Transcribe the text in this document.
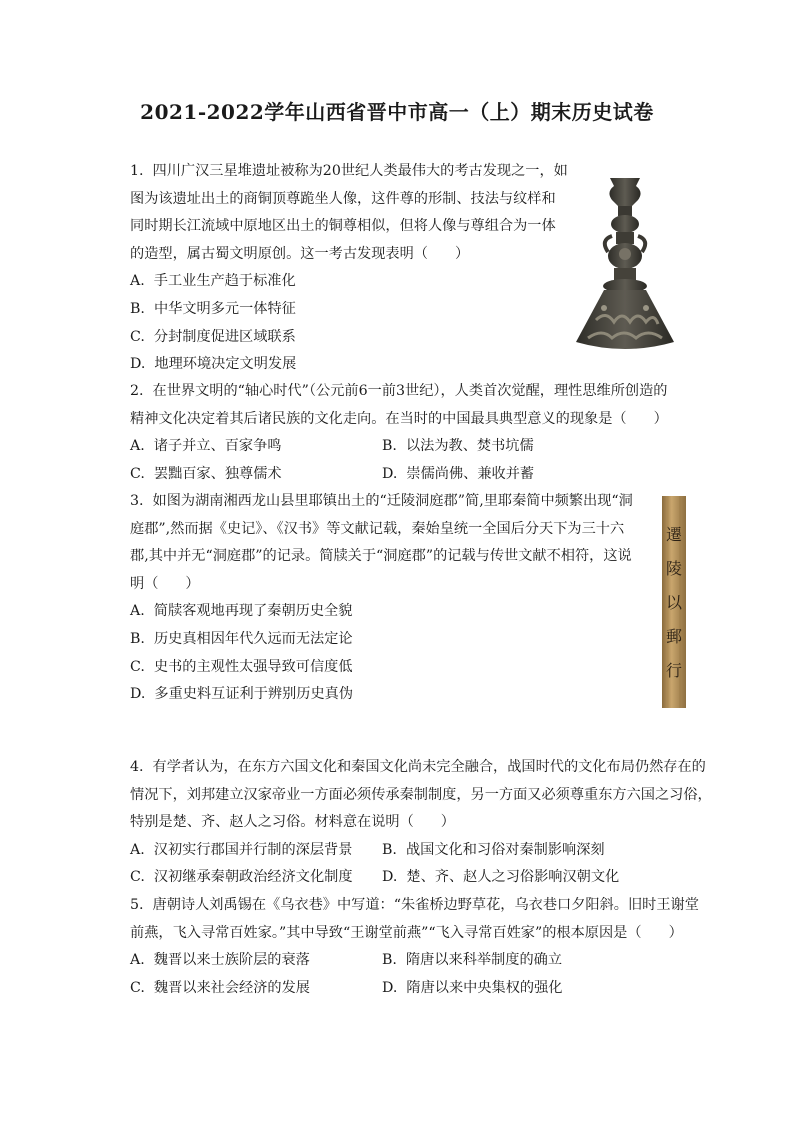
2021-2022学年山西省晋中市高一（上）期末历史试卷
1.  四川广汉三星堆遗址被称为20世纪人类最伟大的考古发现之一，如
图为该遗址出土的商铜顶尊跪坐人像，这件尊的形制、技法与纹样和
同时期长江流域中原地区出土的铜尊相似，但将人像与尊组合为一体
的造型，属古蜀文明原创。这一考古发现表明（      ）
A.  手工业生产趋于标准化
B.  中华文明多元一体特征
C.  分封制度促进区域联系
D.  地理环境决定文明发展
2.  在世界文明的“轴心时代”（公元前6一前3世纪），人类首次觉醒，理性思维所创造的
精神文化决定着其后诸民族的文化走向。在当时的中国最具典型意义的现象是（      ）
A.  诸子并立、百家争鸣	B.  以法为教、焚书坑儒
C.  罢黜百家、独尊儒术	D.  崇儒尚佛、兼收并蓄
3.  如图为湖南湘西龙山县里耶镇出土的“迁陵洞庭郡”简,里耶秦简中频繁出现“洞
庭郡”,然而据《史记》、《汉书》等文献记载，秦始皇统一全国后分天下为三十六
郡,其中并无“洞庭郡”的记录。简牍关于“洞庭郡”的记载与传世文献不相符，这说
明（      ）
A.  简牍客观地再现了秦朝历史全貌
B.  历史真相因年代久远而无法定论
C.  史书的主观性太强导致可信度低
D.  多重史料互证利于辨别历史真伪
遷
陵
以
郵
行
4.  有学者认为，在东方六国文化和秦国文化尚未完全融合，战国时代的文化布局仍然存在的
情况下，刘邦建立汉家帝业一方面必须传承秦制制度，另一方面又必须尊重东方六国之习俗，
特别是楚、齐、赵人之习俗。材料意在说明（      ）
A.  汉初实行郡国并行制的深层背景	B.  战国文化和习俗对秦制影响深刻
C.  汉初继承秦朝政治经济文化制度	D.  楚、齐、赵人之习俗影响汉朝文化
5.  唐朝诗人刘禹锡在《乌衣巷》中写道：“朱雀桥边野草花，乌衣巷口夕阳斜。旧时王谢堂
前燕，飞入寻常百姓家。”其中导致“王谢堂前燕”“飞入寻常百姓家”的根本原因是（      ）
A.  魏晋以来士族阶层的衰落	B.  隋唐以来科举制度的确立
C.  魏晋以来社会经济的发展	D.  隋唐以来中央集权的强化
